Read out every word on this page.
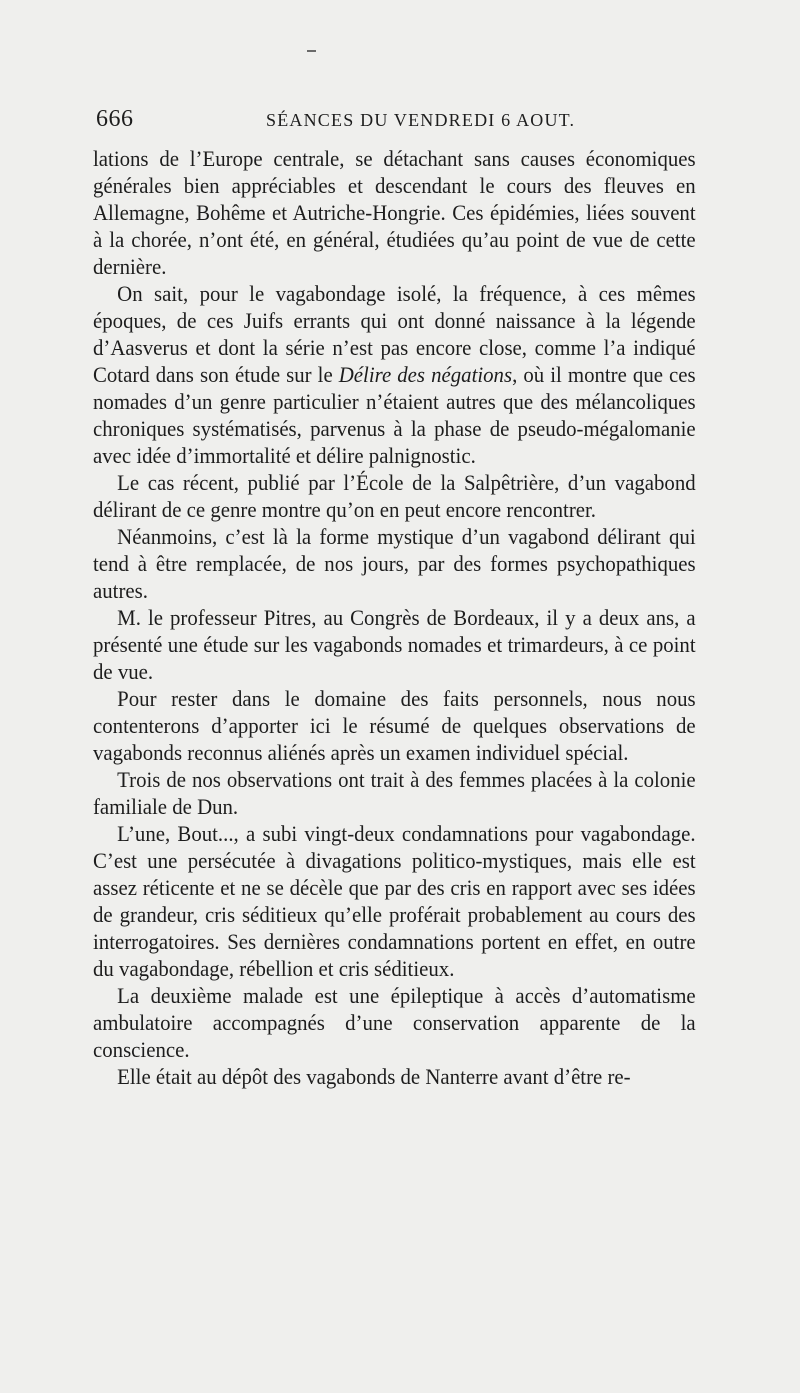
666	SÉANCES DU VENDREDI 6 AOUT.

lations de l’Europe centrale, se détachant sans causes économiques générales bien appréciables et descendant le cours des fleuves en Allemagne, Bohême et Autriche-Hongrie. Ces épidémies, liées souvent à la chorée, n’ont été, en général, étudiées qu’au point de vue de cette dernière.

On sait, pour le vagabondage isolé, la fréquence, à ces mêmes époques, de ces Juifs errants qui ont donné naissance à la légende d’Aasverus et dont la série n’est pas encore close, comme l’a indiqué Cotard dans son étude sur le Délire des négations, où il montre que ces nomades d’un genre particulier n’étaient autres que des mélancoliques chroniques systématisés, parvenus à la phase de pseudo-mégalomanie avec idée d’immortalité et délire palnignostic.

Le cas récent, publié par l’École de la Salpêtrière, d’un vagabond délirant de ce genre montre qu’on en peut encore rencontrer.

Néanmoins, c’est là la forme mystique d’un vagabond délirant qui tend à être remplacée, de nos jours, par des formes psychopathiques autres.

M. le professeur Pitres, au Congrès de Bordeaux, il y a deux ans, a présenté une étude sur les vagabonds nomades et trimardeurs, à ce point de vue.

Pour rester dans le domaine des faits personnels, nous nous contenterons d’apporter ici le résumé de quelques observations de vagabonds reconnus aliénés après un examen individuel spécial.

Trois de nos observations ont trait à des femmes placées à la colonie familiale de Dun.

L’une, Bout..., a subi vingt-deux condamnations pour vagabondage. C’est une persécutée à divagations politico-mystiques, mais elle est assez réticente et ne se décèle que par des cris en rapport avec ses idées de grandeur, cris séditieux qu’elle proférait probablement au cours des interrogatoires. Ses dernières condamnations portent en effet, en outre du vagabondage, rébellion et cris séditieux.

La deuxième malade est une épileptique à accès d’automatisme ambulatoire accompagnés d’une conservation apparente de la conscience.

Elle était au dépôt des vagabonds de Nanterre avant d’être re-
